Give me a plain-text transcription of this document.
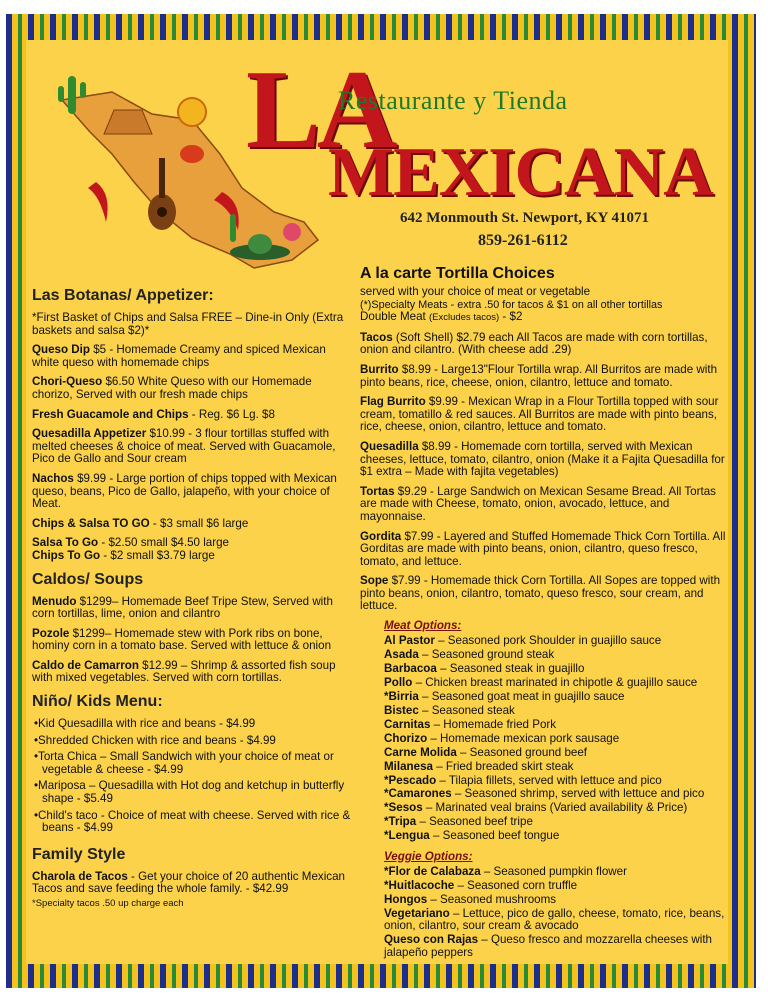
LA
Restaurante y Tienda
MEXICANA
642 Monmouth St. Newport, KY 41071
859-261-6112
Las Botanas/ Appetizer:
*First Basket of Chips and Salsa FREE – Dine-in Only (Extra baskets and salsa $2)*
Queso Dip $5 - Homemade Creamy and spiced Mexican white queso with homemade chips
Chori-Queso $6.50 White Queso with our Homemade chorizo, Served with our fresh made chips
Fresh Guacamole and Chips - Reg. $6 Lg. $8
Quesadilla Appetizer $10.99 - 3 flour tortillas stuffed with melted cheeses & choice of meat. Served with Guacamole, Pico de Gallo and Sour cream
Nachos $9.99 - Large portion of chips topped with Mexican queso, beans, Pico de Gallo, jalapeño, with your choice of Meat.
Chips & Salsa TO GO - $3 small $6 large
Salsa To Go - $2.50 small $4.50 large
Chips To Go - $2 small $3.79 large
Caldos/ Soups
Menudo $1299– Homemade Beef Tripe Stew, Served with corn tortillas, lime, onion and cilantro
Pozole $1299– Homemade stew with Pork ribs on bone, hominy corn in a tomato base. Served with lettuce & onion
Caldo de Camarron $12.99 – Shrimp & assorted fish soup with mixed vegetables. Served with corn tortillas.
Niño/ Kids Menu:
•Kid Quesadilla with rice and beans - $4.99
•Shredded Chicken with rice and beans - $4.99
•Torta Chica – Small Sandwich with your choice of meat or vegetable & cheese - $4.99
•Mariposa – Quesadilla with Hot dog and ketchup in butterfly shape - $5.49
•Child's taco - Choice of meat with cheese. Served with rice & beans - $4.99
Family Style
Charola de Tacos - Get your choice of 20 authentic Mexican Tacos and save feeding the whole family. - $42.99
*Specialty tacos .50 up charge each
A la carte Tortilla Choices
served with your choice of meat or vegetable
(*)Specialty Meats - extra .50 for tacos & $1 on all other tortillas
Double Meat (Excludes tacos) - $2
Tacos (Soft Shell) $2.79 each All Tacos are made with corn tortillas, onion and cilantro. (With cheese add .29)
Burrito $8.99 - Large13"Flour Tortilla wrap. All Burritos are made with pinto beans, rice, cheese, onion, cilantro, lettuce and tomato.
Flag Burrito $9.99 - Mexican Wrap in a Flour Tortilla topped with sour cream, tomatillo & red sauces. All Burritos are made with pinto beans, rice, cheese, onion, cilantro, lettuce and tomato.
Quesadilla $8.99 - Homemade corn tortilla, served with Mexican cheeses, lettuce, tomato, cilantro, onion (Make it a Fajita Quesadilla for $1 extra – Made with fajita vegetables)
Tortas $9.29 - Large Sandwich on Mexican Sesame Bread. All Tortas are made with Cheese, tomato, onion, avocado, lettuce, and mayonnaise.
Gordita $7.99 - Layered and Stuffed Homemade Thick Corn Tortilla. All Gorditas are made with pinto beans, onion, cilantro, queso fresco, tomato, and lettuce.
Sope $7.99 - Homemade thick Corn Tortilla. All Sopes are topped with pinto beans, onion, cilantro, tomato, queso fresco, sour cream, and lettuce.
Meat Options:
Al Pastor – Seasoned pork Shoulder in guajillo sauce
Asada – Seasoned ground steak
Barbacoa – Seasoned steak in guajillo
Pollo – Chicken breast marinated in chipotle & guajillo sauce
*Birria – Seasoned goat meat in guajillo sauce
Bistec – Seasoned steak
Carnitas – Homemade fried Pork
Chorizo – Homemade mexican pork sausage
Carne Molida – Seasoned ground beef
Milanesa – Fried breaded skirt steak
*Pescado – Tilapia fillets, served with lettuce and pico
*Camarones – Seasoned shrimp, served with lettuce and pico
*Sesos – Marinated veal brains (Varied availability & Price)
*Tripa – Seasoned beef tripe
*Lengua – Seasoned beef tongue
Veggie Options:
*Flor de Calabaza – Seasoned pumpkin flower
*Huitlacoche – Seasoned corn truffle
Hongos – Seasoned mushrooms
Vegetariano – Lettuce, pico de gallo, cheese, tomato, rice, beans, onion, cilantro, sour cream & avocado
Queso con Rajas – Queso fresco and mozzarella cheeses with jalapeño peppers
